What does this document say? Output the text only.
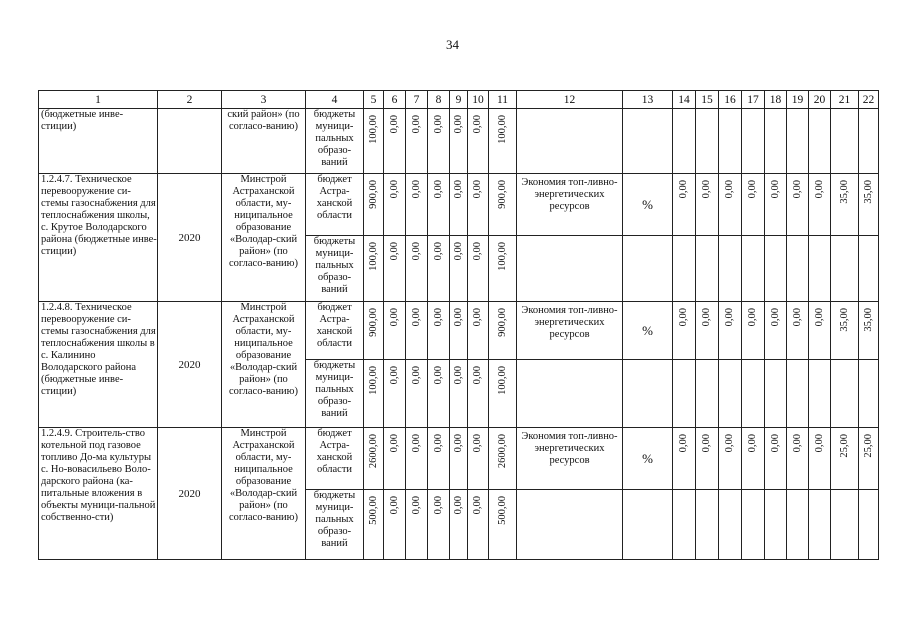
34
1	2	3	4	5	6	7	8	9	10	11	12	13	14	15	16	17	18	19	20	21	22
(бюджетные инве-стиции)		ский район» (по согласо-ванию)	бюджеты муници-пальных образо-ваний	100,00	0,00	0,00	0,00	0,00	0,00	100,00											

1.2.4.7. Техническое перевооружение си-стемы газоснабжения для теплоснабжения школы, с. Крутое Володарского района (бюджетные инве-стиции)	2020	Минстрой Астраханской области, му-ниципальное образование «Володар-ский район» (по согласо-ванию)	бюджет Астра-ханской области	900,00	0,00	0,00	0,00	0,00	0,00	900,00	Экономия топ-ливно-энергетических ресурсов	%	0,00	0,00	0,00	0,00	0,00	0,00	0,00	35,00	35,00

			бюджеты муници-пальных образо-ваний	100,00	0,00	0,00	0,00	0,00	0,00	100,00											

1.2.4.8. Техническое перевооружение си-стемы газоснабжения для теплоснабжения школы в с. Калинино Володарского района (бюджетные инве-стиции)	2020	Минстрой Астраханской области, му-ниципальное образование «Володар-ский район» (по согласо-ванию)	бюджет Астра-ханской области	900,00	0,00	0,00	0,00	0,00	0,00	900,00	Экономия топ-ливно-энергетических ресурсов	%	0,00	0,00	0,00	0,00	0,00	0,00	0,00	35,00	35,00

			бюджеты муници-пальных образо-ваний	100,00	0,00	0,00	0,00	0,00	0,00	100,00											

1.2.4.9. Строитель-ство котельной под газовое топливо До-ма культуры с. Но-воваcильево Воло-дарского района (ка-питальные вложения в объекты муници-пальной собственно-сти)	2020	Минстрой Астраханской области, му-ниципальное образование «Володар-ский район» (по согласо-ванию)	бюджет Астра-ханской области	2600,00	0,00	0,00	0,00	0,00	0,00	2600,00	Экономия топ-ливно-энергетических ресурсов	%	0,00	0,00	0,00	0,00	0,00	0,00	0,00	25,00	25,00

			бюджеты муници-пальных образо-ваний	500,00	0,00	0,00	0,00	0,00	0,00	500,00											
